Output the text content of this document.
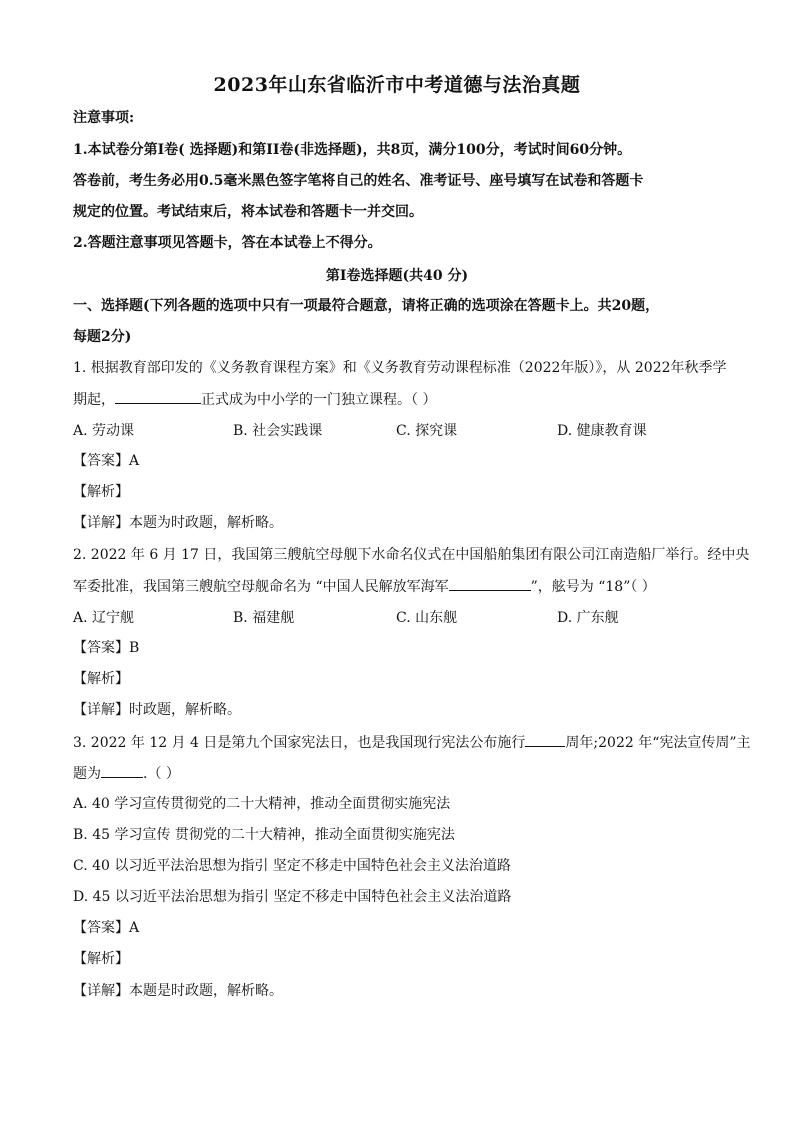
2023年山东省临沂市中考道德与法治真题
注意事项:
1.本试卷分第I卷( 选择题)和第II卷(非选择题)，共8页，满分100分，考试时间60分钟。
答卷前，考生务必用0.5毫米黑色签字笔将自己的姓名、准考证号、座号填写在试卷和答题卡
规定的位置。考试结束后，将本试卷和答题卡一并交回。
2.答题注意事项见答题卡，答在本试卷上不得分。
第I卷选择题(共40 分)
一、选择题(下列各题的选项中只有一项最符合题意，请将正确的选项涂在答题卡上。共20题，
每题2分)
1. 根据教育部印发的《义务教育课程方案》和《义务教育劳动课程标准（2022年版）》，从 2022年秋季学
期起，	正式成为中小学的一门独立课程。（ ）
A. 劳动课	B. 社会实践课	C. 探究课	D. 健康教育课
【答案】A
【解析】
【详解】本题为时政题，解析略。
2. 2022 年 6 月 17 日，我国第三艘航空母舰下水命名仪式在中国船舶集团有限公司江南造船厂举行。经中央
军委批准，我国第三艘航空母舰命名为 “中国人民解放军海军	”，舷号为 “18”（ ）
A. 辽宁舰	B. 福建舰	C. 山东舰	D. 广东舰
【答案】B
【解析】
【详解】时政题，解析略。
3. 2022 年 12 月 4 日是第九个国家宪法日，也是我国现行宪法公布施行	周年;2022 年“宪法宣传周”主
题为	.（ ）
A. 40 学习宣传贯彻党的二十大精神，推动全面贯彻实施宪法
B. 45 学习宣传 贯彻党的二十大精神，推动全面贯彻实施宪法
C. 40 以习近平法治思想为指引 坚定不移走中国特色社会主义法治道路
D. 45 以习近平法治思想为指引 坚定不移走中国特色社会主义法治道路
【答案】A
【解析】
【详解】本题是时政题，解析略。
